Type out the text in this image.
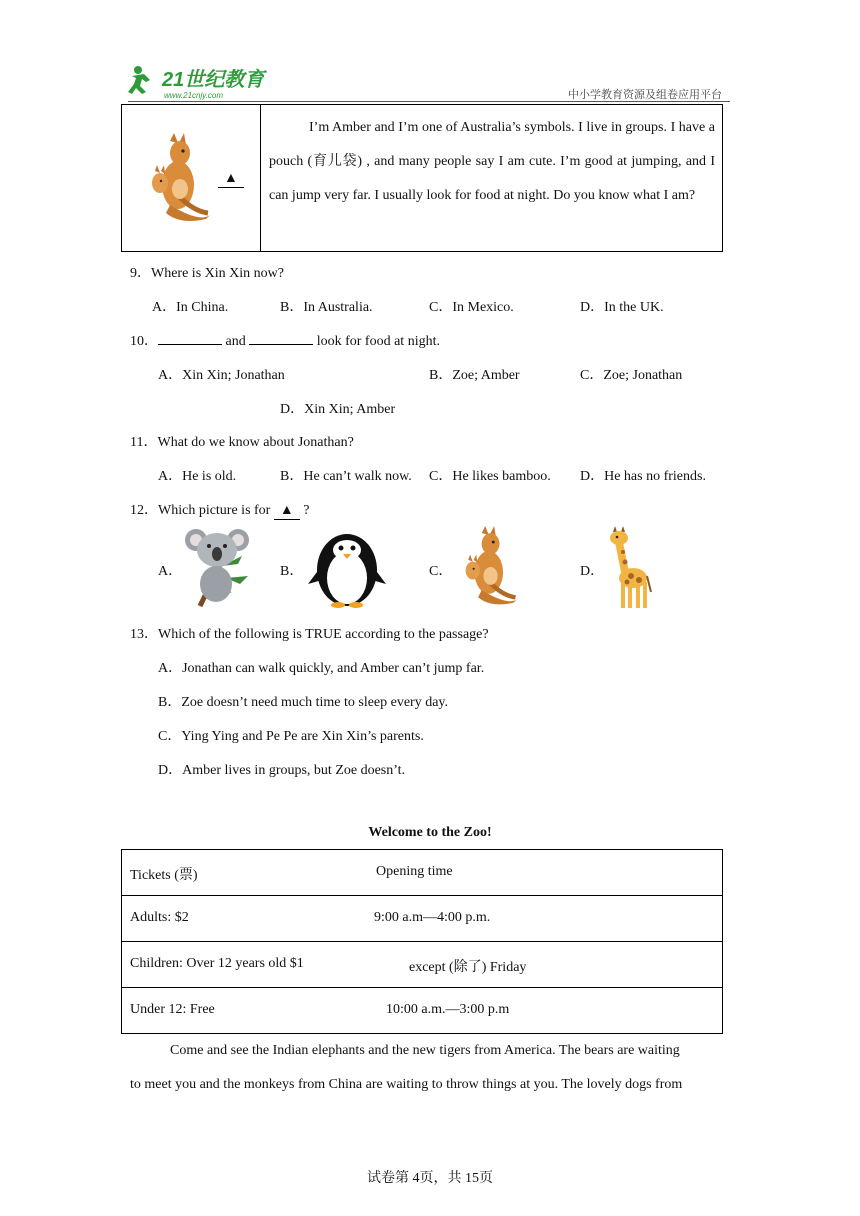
21世纪教育
www.21cnjy.com	中小学教育资源及组卷应用平台
▲
I’m Amber and I’m one of Australia’s symbols. I live in groups. I have a pouch (育儿袋) , and many people say I am cute. I’m good at jumping, and I can jump very far. I usually look for food at night. Do you know what I am?
9．Where is Xin Xin now?
A．In China.	B．In Australia.	C．In Mexico.	D．In the UK.
10．	and	look for food at night.
A．Xin Xin; Jonathan	B．Zoe; Amber	C．Zoe; Jonathan
D．Xin Xin; Amber
11．What do we know about Jonathan?
A．He is old.	B．He can’t walk now. C．He likes bamboo. D．He has no friends.
12．Which picture is for ▲ ?
A．	B．	C．	D．
13．Which of the following is TRUE according to the passage?
A．Jonathan can walk quickly, and Amber can’t jump far.
B．Zoe doesn’t need much time to sleep every day.
C．Ying Ying and Pe Pe are Xin Xin’s parents.
D．Amber lives in groups, but Zoe doesn’t.
Welcome to the Zoo!
Tickets (票)	Opening time

Adults: $2	9:00 a.m—4:00 p.m.

Children: Over 12 years old $1	except (除了) Friday

Under 12: Free	10:00 a.m.—3:00 p.m
Come and see the Indian elephants and the new tigers from America. The bears are waiting
to meet you and the monkeys from China are waiting to throw things at you. The lovely dogs from
试卷第 4页，共 15页
